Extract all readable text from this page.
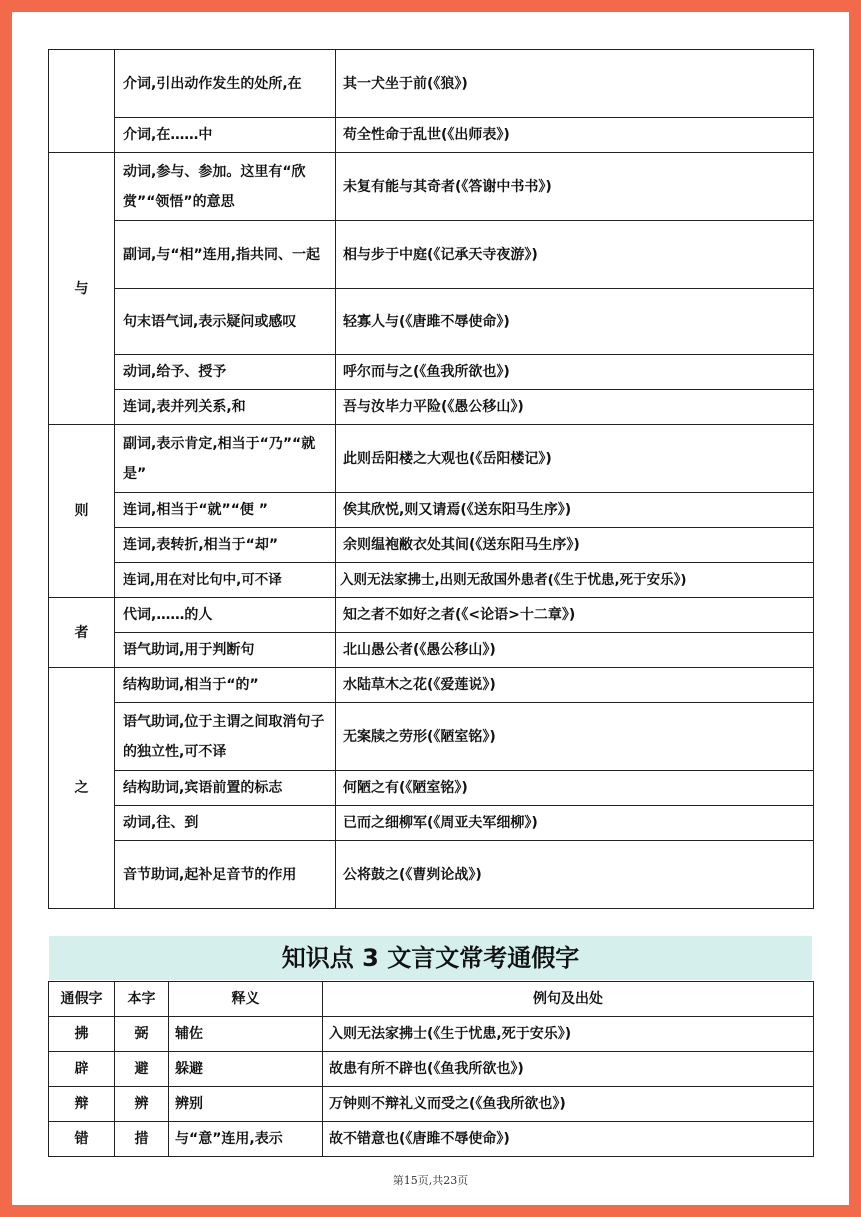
	介词,引出动作发生的处所,在	其一犬坐于前(《狼》)
	介词,在……中	苟全性命于乱世(《出师表》)
与	动词,参与、参加。这里有“欣赏”“领悟”的意思	未复有能与其奇者(《答谢中书书》)
	副词,与“相”连用,指共同、一起	相与步于中庭(《记承天寺夜游》)
	句末语气词,表示疑问或感叹	轻寡人与(《唐雎不辱使命》)
	动词,给予、授予	呼尔而与之(《鱼我所欲也》)
	连词,表并列关系,和	吾与汝毕力平险(《愚公移山》)
则	副词,表示肯定,相当于“乃”“就是”	此则岳阳楼之大观也(《岳阳楼记》)
	连词,相当于“就”“便 ”	俟其欣悦,则又请焉(《送东阳马生序》)
	连词,表转折,相当于“却”	余则缊袍敝衣处其间(《送东阳马生序》)
	连词,用在对比句中,可不译	入则无法家拂士,出则无敌国外患者(《生于忧患,死于安乐》)
者	代词,……的人	知之者不如好之者(《<论语>十二章》)
	语气助词,用于判断句	北山愚公者(《愚公移山》)
之	结构助词,相当于“的”	水陆草木之花(《爱莲说》)
	语气助词,位于主谓之间取消句子的独立性,可不译	无案牍之劳形(《陋室铭》)
	结构助词,宾语前置的标志	何陋之有(《陋室铭》)
	动词,往、到	已而之细柳军(《周亚夫军细柳》)
	音节助词,起补足音节的作用	公将鼓之(《曹刿论战》)
知识点 3 文言文常考通假字
通假字	本字	释义	例句及出处
拂	弼	辅佐	入则无法家拂士(《生于忧患,死于安乐》)
辟	避	躲避	故患有所不辟也(《鱼我所欲也》)
辩	辨	辨别	万钟则不辩礼义而受之(《鱼我所欲也》)
错	措	与“意”连用,表示	故不错意也(《唐雎不辱使命》)
第15页,共23页
